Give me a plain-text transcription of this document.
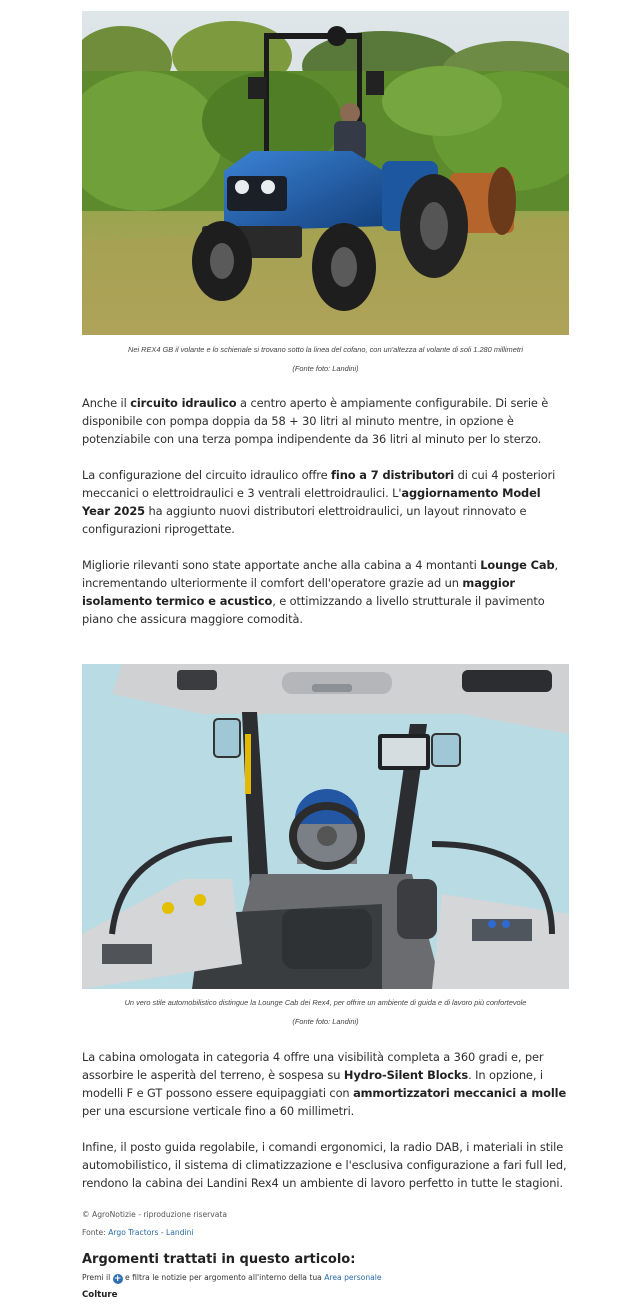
Nei REX4 GB il volante e lo schienale si trovano sotto la linea del cofano, con un'altezza al volante di soli 1.280 millimetri
(Fonte foto: Landini)

Anche il circuito idraulico a centro aperto è ampiamente configurabile. Di serie è disponibile con pompa doppia da 58 + 30 litri al minuto mentre, in opzione è potenziabile con una terza pompa indipendente da 36 litri al minuto per lo sterzo.

La configurazione del circuito idraulico offre fino a 7 distributori di cui 4 posteriori meccanici o elettroidraulici e 3 ventrali elettroidraulici. L'aggiornamento Model Year 2025 ha aggiunto nuovi distributori elettroidraulici, un layout rinnovato e configurazioni riprogettate.

Migliorie rilevanti sono state apportate anche alla cabina a 4 montanti Lounge Cab, incrementando ulteriormente il comfort dell'operatore grazie ad un maggior isolamento termico e acustico, e ottimizzando a livello strutturale il pavimento piano che assicura maggiore comodità.

Un vero stile automobilistico distingue la Lounge Cab dei Rex4, per offrire un ambiente di guida e di lavoro più confortevole
(Fonte foto: Landini)

La cabina omologata in categoria 4 offre una visibilità completa a 360 gradi e, per assorbire le asperità del terreno, è sospesa su Hydro-Silent Blocks. In opzione, i modelli F e GT possono essere equipaggiati con ammortizzatori meccanici a molle per una escursione verticale fino a 60 millimetri.

Infine, il posto guida regolabile, i comandi ergonomici, la radio DAB, i materiali in stile automobilistico, il sistema di climatizzazione e l'esclusiva configurazione a fari full led, rendono la cabina dei Landini Rex4 un ambiente di lavoro perfetto in tutte le stagioni.

© AgroNotizie - riproduzione riservata
Fonte: Argo Tractors - Landini
Argomenti trattati in questo articolo:
Premi il + e filtra le notizie per argomento all'interno della tua Area personale
Colture
